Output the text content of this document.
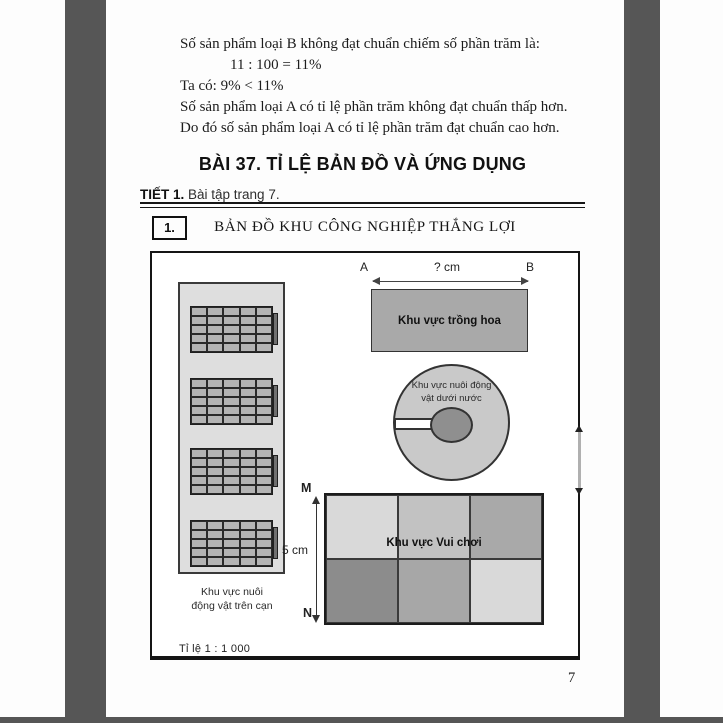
Số sản phẩm loại B không đạt chuẩn chiếm số phần trăm là:
11 : 100 = 11%
Ta có: 9% < 11%
Số sản phẩm loại A có tỉ lệ phần trăm không đạt chuẩn thấp hơn.
Do đó số sản phẩm loại A có tỉ lệ phần trăm đạt chuẩn cao hơn.
BÀI 37. TỈ LỆ BẢN ĐỒ VÀ ỨNG DỤNG
TIẾT 1. Bài tập trang 7.
1.	BẢN ĐỒ KHU CÔNG NGHIỆP THẮNG LỢI
Khu vực nuôi
động vật trên cạn
A	? cm	B
Khu vực trồng hoa
Khu vực nuôi động
vật dưới nước
M
5 cm
N
Khu vực Vui chơi
Tỉ lệ 1 : 1 000
7
